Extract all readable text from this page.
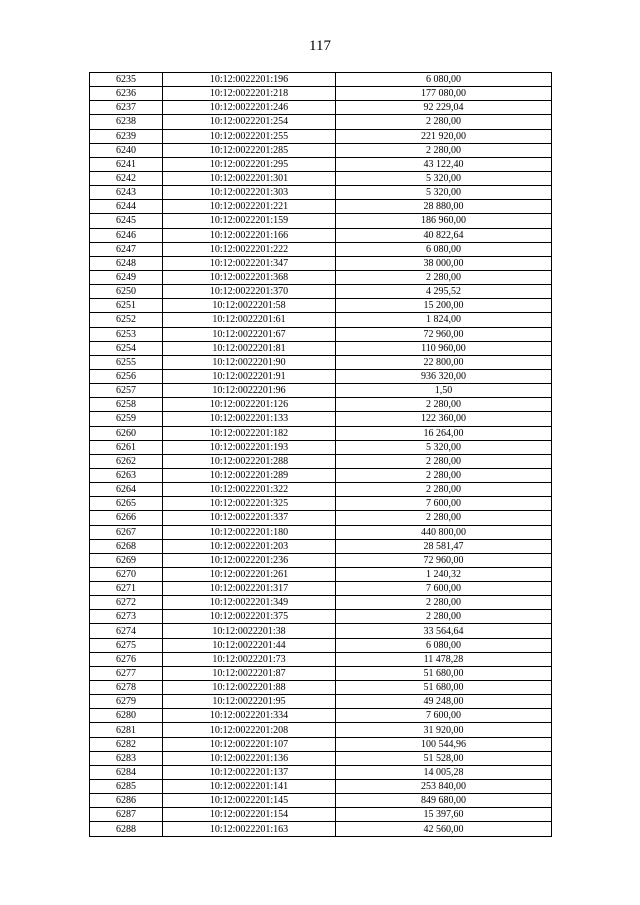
117
6235	10:12:0022201:196	6 080,00
6236	10:12:0022201:218	177 080,00
6237	10:12:0022201:246	92 229,04
6238	10:12:0022201:254	2 280,00
6239	10:12:0022201:255	221 920,00
6240	10:12:0022201:285	2 280,00
6241	10:12:0022201:295	43 122,40
6242	10:12:0022201:301	5 320,00
6243	10:12:0022201:303	5 320,00
6244	10:12:0022201:221	28 880,00
6245	10:12:0022201:159	186 960,00
6246	10:12:0022201:166	40 822,64
6247	10:12:0022201:222	6 080,00
6248	10:12:0022201:347	38 000,00
6249	10:12:0022201:368	2 280,00
6250	10:12:0022201:370	4 295,52
6251	10:12:0022201:58	15 200,00
6252	10:12:0022201:61	1 824,00
6253	10:12:0022201:67	72 960,00
6254	10:12:0022201:81	110 960,00
6255	10:12:0022201:90	22 800,00
6256	10:12:0022201:91	936 320,00
6257	10:12:0022201:96	1,50
6258	10:12:0022201:126	2 280,00
6259	10:12:0022201:133	122 360,00
6260	10:12:0022201:182	16 264,00
6261	10:12:0022201:193	5 320,00
6262	10:12:0022201:288	2 280,00
6263	10:12:0022201:289	2 280,00
6264	10:12:0022201:322	2 280,00
6265	10:12:0022201:325	7 600,00
6266	10:12:0022201:337	2 280,00
6267	10:12:0022201:180	440 800,00
6268	10:12:0022201:203	28 581,47
6269	10:12:0022201:236	72 960,00
6270	10:12:0022201:261	1 240,32
6271	10:12:0022201:317	7 600,00
6272	10:12:0022201:349	2 280,00
6273	10:12:0022201:375	2 280,00
6274	10:12:0022201:38	33 564,64
6275	10:12:0022201:44	6 080,00
6276	10:12:0022201:73	11 478,28
6277	10:12:0022201:87	51 680,00
6278	10:12:0022201:88	51 680,00
6279	10:12:0022201:95	49 248,00
6280	10:12:0022201:334	7 600,00
6281	10:12:0022201:208	31 920,00
6282	10:12:0022201:107	100 544,96
6283	10:12:0022201:136	51 528,00
6284	10:12:0022201:137	14 005,28
6285	10:12:0022201:141	253 840,00
6286	10:12:0022201:145	849 680,00
6287	10:12:0022201:154	15 397,60
6288	10:12:0022201:163	42 560,00
